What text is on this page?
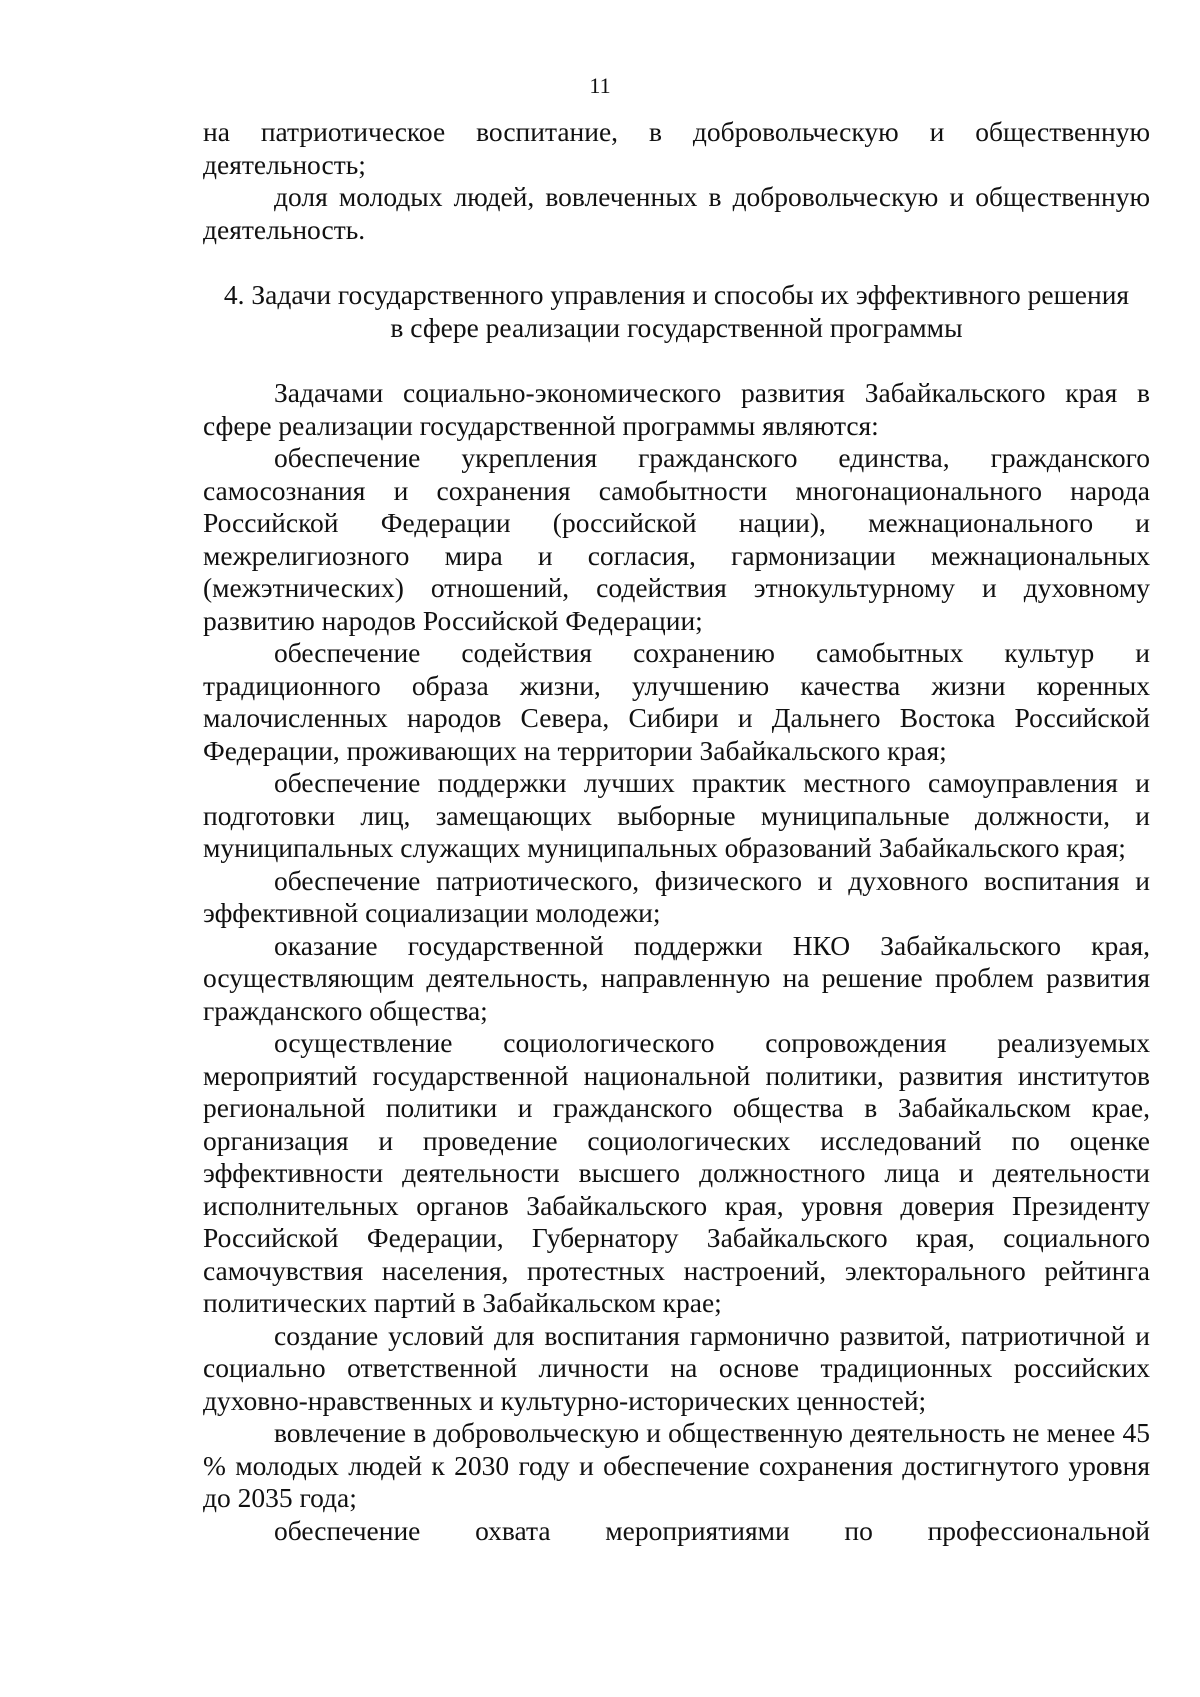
11

на патриотическое воспитание, в добровольческую и общественную деятельность;

доля молодых людей, вовлеченных в добровольческую и общественную деятельность.

4. Задачи государственного управления и способы их эффективного решения
в сфере реализации государственной программы

Задачами социально-экономического развития Забайкальского края в сфере реализации государственной программы являются:

обеспечение укрепления гражданского единства, гражданского самосознания и сохранения самобытности многонационального народа Российской Федерации (российской нации), межнационального и межрелигиозного мира и согласия, гармонизации межнациональных (межэтнических) отношений, содействия этнокультурному и духовному развитию народов Российской Федерации;

обеспечение содействия сохранению самобытных культур и традиционного образа жизни, улучшению качества жизни коренных малочисленных народов Севера, Сибири и Дальнего Востока Российской Федерации, проживающих на территории Забайкальского края;

обеспечение поддержки лучших практик местного самоуправления и подготовки лиц, замещающих выборные муниципальные должности, и муниципальных служащих муниципальных образований Забайкальского края;

обеспечение патриотического, физического и духовного воспитания и эффективной социализации молодежи;

оказание государственной поддержки НКО Забайкальского края, осуществляющим деятельность, направленную на решение проблем развития гражданского общества;

осуществление социологического сопровождения реализуемых мероприятий государственной национальной политики, развития институтов региональной политики и гражданского общества в Забайкальском крае, организация и проведение социологических исследований по оценке эффективности деятельности высшего должностного лица и деятельности исполнительных органов Забайкальского края, уровня доверия Президенту Российской Федерации, Губернатору Забайкальского края, социального самочувствия населения, протестных настроений, электорального рейтинга политических партий в Забайкальском крае;

создание условий для воспитания гармонично развитой, патриотичной и социально ответственной личности на основе традиционных российских духовно-нравственных и культурно-исторических ценностей;

вовлечение в добровольческую и общественную деятельность не менее 45 % молодых людей к 2030 году и обеспечение сохранения достигнутого уровня до 2035 года;

обеспечение охвата мероприятиями по профессиональной
